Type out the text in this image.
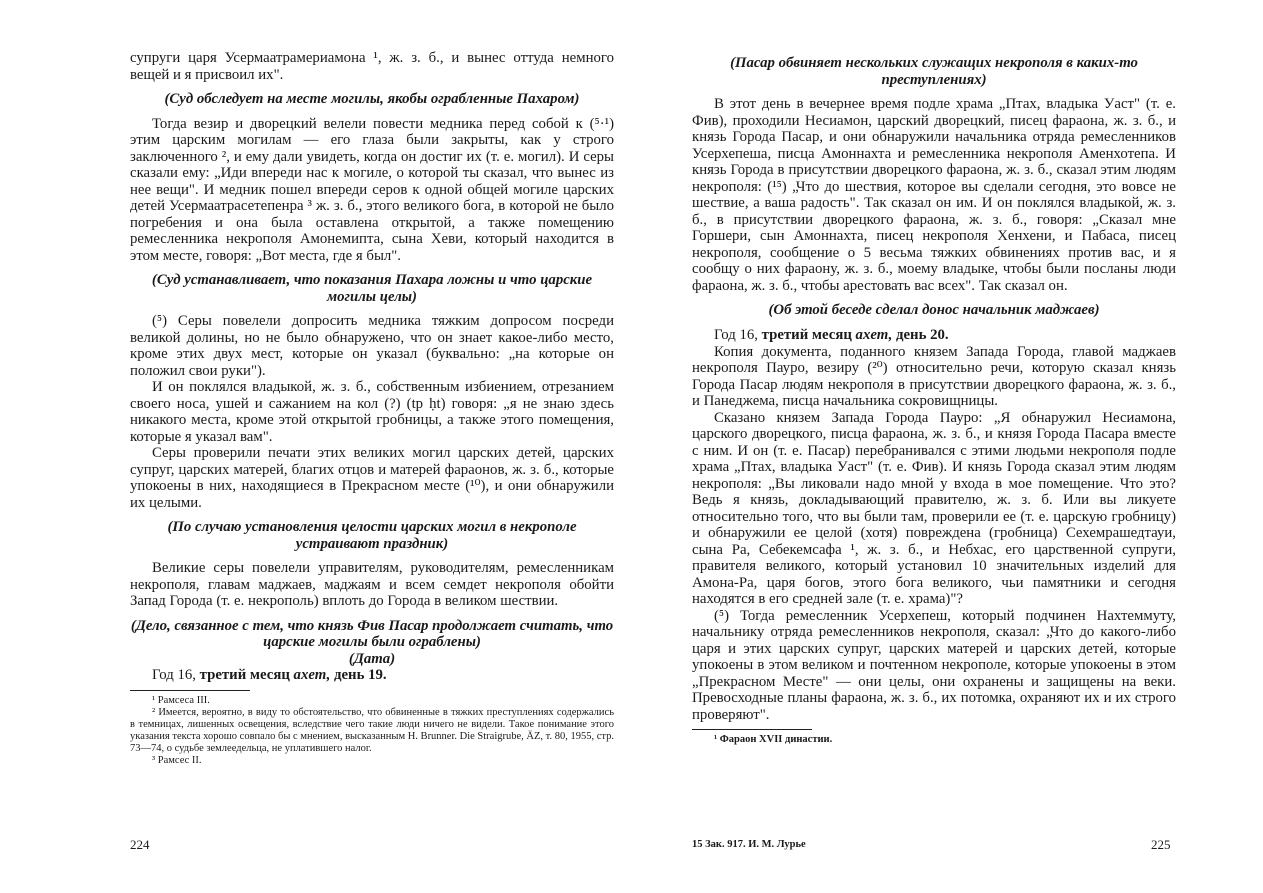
супруги царя Усермаатрамериамона ¹, ж. з. б., и вынес оттуда немного вещей и я присвоил их".

(Суд обследует на месте могилы, якобы ограбленные Пахаром)

Тогда везир и дворецкий велели повести медника перед собой к (⁵·¹) этим царским могилам — его глаза были закрыты, как у строго заключенного ², и ему дали увидеть, когда он достиг их (т. е. могил). И серы сказали ему: „Иди впереди нас к могиле, о которой ты сказал, что вынес из нее вещи". И медник пошел впереди серов к одной общей могиле царских детей Усермаатрасетепенра ³ ж. з. б., этого великого бога, в которой не было погребения и она была оставлена открытой, а также помещению ремесленника некрополя Амонемипта, сына Хеви, который находится в этом месте, говоря: „Вот места, где я был".

(Суд устанавливает, что показания Пахара ложны и что царские могилы целы)

(⁵) Серы повелели допросить медника тяжким допросом посреди великой долины, но не было обнаружено, что он знает какое-либо место, кроме этих двух мест, которые он указал (буквально: „на которые он положил свои руки").

И он поклялся владыкой, ж. з. б., собственным избиением, отрезанием своего носа, ушей и сажанием на кол (?) (tp ḥt) говоря: „я не знаю здесь никакого места, кроме этой открытой гробницы, а также этого помещения, которые я указал вам".

Серы проверили печати этих великих могил царских детей, царских супруг, царских матерей, благих отцов и матерей фараонов, ж. з. б., которые упокоены в них, находящиеся в Прекрасном месте (¹⁰), и они обнаружили их целыми.

(По случаю установления целости царских могил в некрополе устраивают праздник)

Великие серы повелели управителям, руководителям, ремесленникам некрополя, главам маджаев, маджаям и всем семдет некрополя обойти Запад Города (т. е. некрополь) вплоть до Города в великом шествии.

(Дело, связанное с тем, что князь Фив Пасар продолжает считать, что царские могилы были ограблены)

(Дата)

Год 16, третий месяц ахет, день 19.

¹ Рамсеса III.

² Имеется, вероятно, в виду то обстоятельство, что обвиненные в тяжких преступлениях содержались в темницах, лишенных освещения, вследствие чего такие люди ничего не видели. Такое понимание этого указания текста хорошо совпало бы с мнением, высказанным H. Brunner. Die Straigrube, ÄZ, т. 80, 1955, стр. 73—74, о судьбе землеедельца, не уплатившего налог.

³ Рамсес II.

224

(Пасар обвиняет нескольких служащих некрополя в каких-то преступлениях)

В этот день в вечернее время подле храма „Птах, владыка Уаст" (т. е. Фив), проходили Несиамон, царский дворецкий, писец фараона, ж. з. б., и князь Города Пасар, и они обнаружили начальника отряда ремесленников Усерхепеша, писца Амоннахта и ремесленника некрополя Аменхотепа. И князь Города в присутствии дворецкого фараона, ж. з. б., сказал этим людям некрополя: (¹⁵) „Что до шествия, которое вы сделали сегодня, это вовсе не шествие, а ваша радость". Так сказал он им. И он поклялся владыкой, ж. з. б., в присутствии дворецкого фараона, ж. з. б., говоря: „Сказал мне Горшери, сын Амоннахта, писец некрополя Хенхени, и Пабаса, писец некрополя, сообщение о 5 весьма тяжких обвинениях против вас, и я сообщу о них фараону, ж. з. б., моему владыке, чтобы были посланы люди фараона, ж. з. б., чтобы арестовать вас всех". Так сказал он.

(Об этой беседе сделал донос начальник маджаев)

Год 16, третий месяц ахет, день 20.

Копия документа, поданного князем Запада Города, главой маджаев некрополя Пауро, везиру (²⁰) относительно речи, которую сказал князь Города Пасар людям некрополя в присутствии дворецкого фараона, ж. з. б., и Панеджема, писца начальника сокровищницы.

Сказано князем Запада Города Пауро: „Я обнаружил Несиамона, царского дворецкого, писца фараона, ж. з. б., и князя Города Пасара вместе с ним. И он (т. е. Пасар) перебранивался с этими людьми некрополя подле храма „Птах, владыка Уаст" (т. е. Фив). И князь Города сказал этим людям некрополя: „Вы ликовали надо мной у входа в мое помещение. Что это? Ведь я князь, докладывающий правителю, ж. з. б. Или вы ликуете относительно того, что вы были там, проверили ее (т. е. царскую гробницу) и обнаружили ее целой (хотя) повреждена (гробница) Сехемрашедтауи, сына Ра, Себекемсафа ¹, ж. з. б., и Небхас, его царственной супруги, правителя великого, который установил 10 значительных изделий для Амона-Ра, царя богов, этого бога великого, чьи памятники и сегодня находятся в его средней зале (т. е. храма)"?

(⁵) Тогда ремесленник Усерхепеш, который подчинен Нахтеммуту, начальнику отряда ремесленников некрополя, сказал: „Что до какого-либо царя и этих царских супруг, царских матерей и царских детей, которые упокоены в этом великом и почтенном некрополе, которые упокоены в этом „Прекрасном Месте" — они целы, они охранены и защищены на веки. Превосходные планы фараона, ж. з. б., их потомка, охраняют их и их строго проверяют".

¹ Фараон XVII династии.

15 Зак. 917. И. М. Лурье	225
